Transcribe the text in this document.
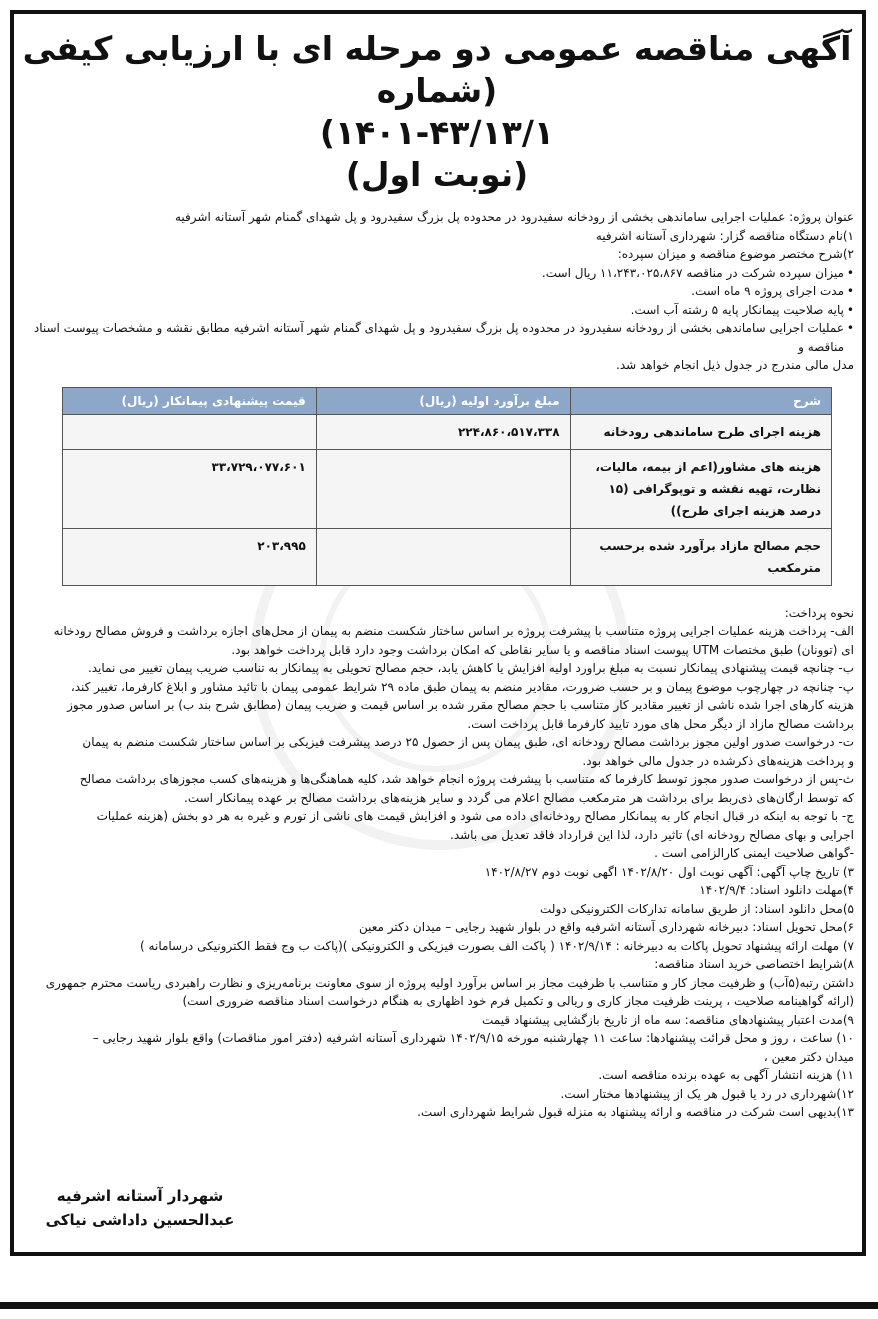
آگهی مناقصه عمومی دو مرحله ای با ارزیابی کیفی (شماره
۱۴۰۱-۴۳/۱۳/۱)
(نوبت اول)

عنوان پروژه: عملیات اجرایی ساماندهی بخشی از رودخانه سفیدرود در محدوده پل بزرگ سفیدرود و پل شهدای گمنام شهر آستانه اشرفیه

۱)نام دستگاه مناقصه گزار: شهرداری آستانه اشرفیه

۲)شرح مختصر موضوع مناقصه و میزان سپرده:

• میزان سپرده شرکت در مناقصه ۱۱،۲۴۳،۰۲۵،۸۶۷ ریال است.

• مدت اجرای پروژه ۹ ماه است.

• پایه صلاحیت پیمانکار پایه ۵ رشته آب است.

• عملیات اجرایی ساماندهی بخشی از رودخانه سفیدرود در محدوده پل بزرگ سفیدرود و پل شهدای گمنام شهر آستانه اشرفیه مطابق نقشه و مشخصات پیوست اسناد مناقصه و

مدل مالی مندرج در جدول ذیل انجام خواهد شد.

شرح	مبلغ برآورد اولیه (ریال)	قیمت پیشنهادی پیمانکار (ریال)
هزینه اجرای طرح ساماندهی رودخانه	۲۲۴،۸۶۰،۵۱۷،۳۳۸	
هزینه های مشاور(اعم از بیمه، مالیات، نظارت، تهیه نقشه و توپوگرافی (۱۵ درصد هزینه اجرای طرح))		۳۳،۷۲۹،۰۷۷،۶۰۱
حجم مصالح مازاد برآورد شده برحسب مترمکعب		۲۰۳،۹۹۵

نحوه پرداخت:

الف- پرداخت هزینه عملیات اجرایی پروژه متناسب با پیشرفت پروژه بر اساس ساختار شکست منضم به پیمان از محل‌های اجازه برداشت و فروش مصالح رودخانه

ای (توونان) طبق مختصات UTM پیوست اسناد مناقصه و یا سایر نقاطی که امکان برداشت وجود دارد قابل پرداخت خواهد بود.

ب- چنانچه قیمت پیشنهادی پیمانکار نسبت به مبلغ براورد اولیه افزایش یا کاهش یابد، حجم مصالح تحویلی به پیمانکار به تناسب ضریب پیمان تغییر می نماید.

پ- چنانچه در چهارچوب موضوع پیمان و بر حسب ضرورت، مقادیر منضم به پیمان طبق ماده ۲۹ شرایط عمومی پیمان با تائید مشاور و ابلاغ کارفرما، تغییر کند،

هزینه کارهای اجرا شده ناشی از تغییر مقادیر کار متناسب با حجم مصالح مقرر شده بر اساس قیمت و ضریب پیمان (مطابق شرح بند ب) بر اساس صدور مجوز

برداشت مصالح مازاد از دیگر محل های مورد تایید کارفرما قابل پرداخت است.

ت- درخواست صدور اولین مجوز برداشت مصالح رودخانه ای، طبق پیمان پس از حصول ۲۵ درصد پیشرفت فیزیکی بر اساس ساختار شکست منضم به پیمان

و پرداخت هزینه‌های ذکرشده در جدول مالی خواهد بود.

ث-پس از درخواست صدور مجوز توسط کارفرما که متناسب با پیشرفت پروژه انجام خواهد شد، کلیه هماهنگی‌ها و هزینه‌های کسب مجوزهای برداشت مصالح

که توسط ارگان‌های ذی‌ربط برای برداشت هر مترمکعب مصالح اعلام می گردد و سایر هزینه‌های برداشت مصالح بر عهده پیمانکار است.

ج- با توجه به اینکه در قبال انجام کار به پیمانکار مصالح رودخانه‌ای داده می شود و افزایش قیمت های ناشی از تورم و غیره به هر دو بخش (هزینه عملیات

اجرایی و بهای مصالح رودخانه ای) تاثیر دارد، لذا این قرارداد فاقد تعدیل می باشد.

-گواهی صلاحیت ایمنی کارالزامی است .

۳) تاریخ چاپ آگهی: آگهی نوبت اول ۱۴۰۲/۸/۲۰ اگهی نوبت دوم ۱۴۰۲/۸/۲۷

۴)مهلت دانلود اسناد: ۱۴۰۲/۹/۴

۵)محل دانلود اسناد: از طریق سامانه تدارکات الکترونیکی دولت

۶)محل تحویل اسناد: دبیرخانه شهرداری آستانه اشرفیه واقع در بلوار شهید رجایی – میدان دکتر معین

۷) مهلت ارائه پیشنهاد تحویل پاکات به دبیرخانه : ۱۴۰۲/۹/۱۴ ( پاکت الف بصورت فیزیکی و الکترونیکی )(پاکت ب وج فقط الکترونیکی درسامانه )

۸)شرایط اختصاصی خرید اسناد مناقصه:

داشتن رتبه(۵آب) و ظرفیت مجاز کار و متناسب با ظرفیت مجاز بر اساس برآورد اولیه پروژه از سوی معاونت برنامه‌ریزی و نظارت راهبردی ریاست محترم جمهوری

(ارائه گواهینامه صلاحیت ، پرینت ظرفیت مجاز کاری و ریالی و تکمیل فرم خود اظهاری به هنگام درخواست اسناد مناقصه ضروری است)

۹)مدت اعتبار پیشنهادهای مناقصه: سه ماه از تاریخ بازگشایی پیشنهاد قیمت

۱۰) ساعت ، روز و محل قرائت پیشنهادها: ساعت ۱۱ چهارشنبه مورخه ۱۴۰۲/۹/۱۵ شهرداری آستانه اشرفیه (دفتر امور مناقصات) واقع بلوار شهید رجایی –

میدان دکتر معین ،

۱۱) هزینه انتشار آگهی به عهده برنده مناقصه است.

۱۲)شهرداری در رد یا قبول هر یک از پیشنهادها مختار است.

۱۳)بدیهی است شرکت در مناقصه و ارائه پیشنهاد به منزله قبول شرایط شهرداری است.

شهردار آستانه اشرفیه
عبدالحسین داداشی نیاکی
